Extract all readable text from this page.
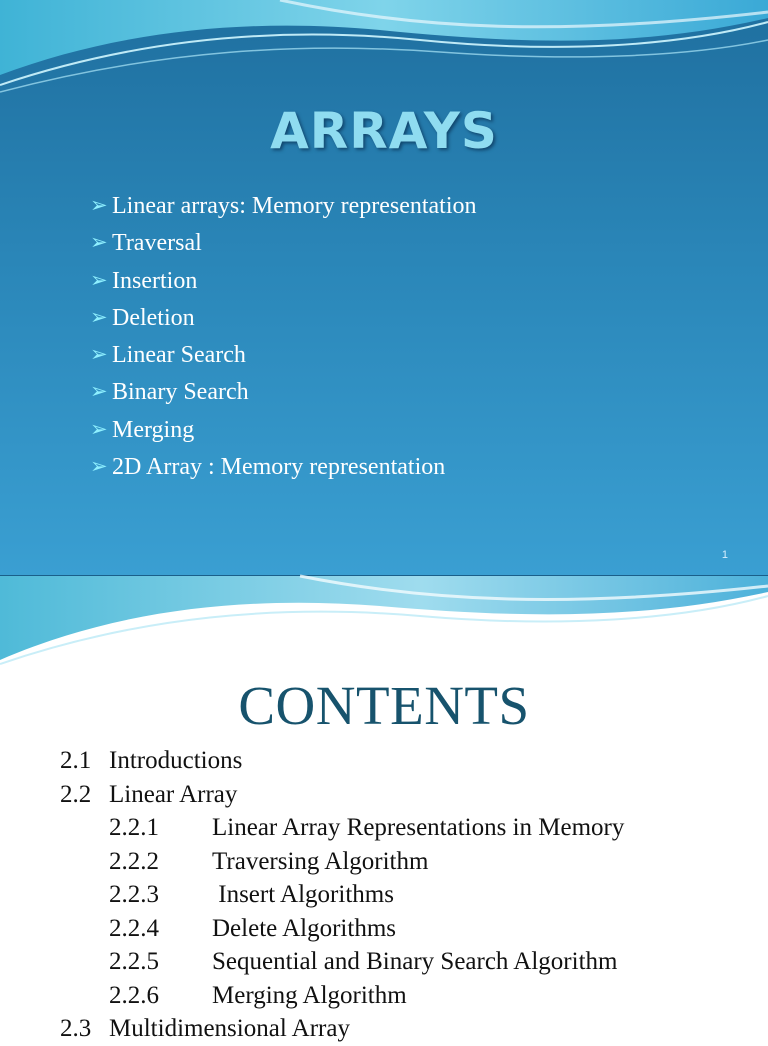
ARRAYS
➢ Linear arrays: Memory representation
➢ Traversal
➢ Insertion
➢ Deletion
➢ Linear Search
➢ Binary Search
➢ Merging
➢ 2D Array : Memory representation
1
CONTENTS
2.1 Introductions
2.2 Linear Array
2.2.1 Linear Array Representations in Memory
2.2.2 Traversing Algorithm
2.2.3 Insert Algorithms
2.2.4 Delete Algorithms
2.2.5 Sequential and Binary Search Algorithm
2.2.6 Merging Algorithm
2.3 Multidimensional Array
